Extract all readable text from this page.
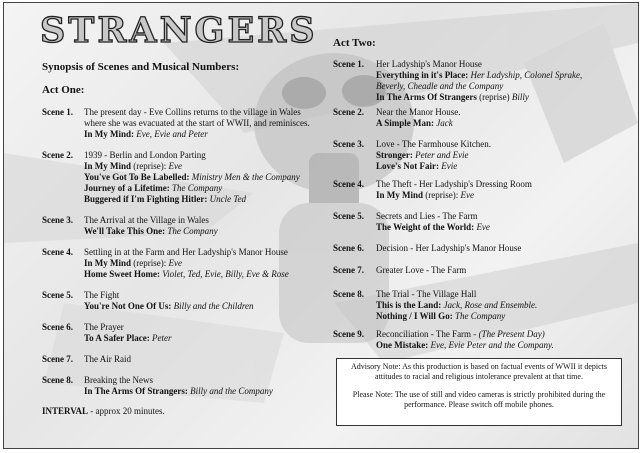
STRANGERS
Synopsis of Scenes and Musical Numbers:
Act One:
Scene 1. The present day - Eve Collins returns to the village in Wales
where she was evacuated at the start of WWII, and reminisces.
In My Mind: Eve, Evie and Peter
Scene 2. 1939 - Berlin and London Parting
In My Mind (reprise): Eve
You've Got To Be Labelled: Ministry Men & the Company
Journey of a Lifetime: The Company
Buggered if I'm Fighting Hitler: Uncle Ted
Scene 3. The Arrival at the Village in Wales
We'll Take This One: The Company
Scene 4. Settling in at the Farm and Her Ladyship's Manor House
In My Mind (reprise): Eve
Home Sweet Home: Violet, Ted, Evie, Billy, Eve & Rose
Scene 5. The Fight
You're Not One Of Us: Billy and the Children
Scene 6. The Prayer
To A Safer Place: Peter
Scene 7. The Air Raid
Scene 8. Breaking the News
In The Arms Of Strangers: Billy and the Company
INTERVAL - approx 20 minutes.
Act Two:
Scene 1. Her Ladyship's Manor House
Everything in it's Place: Her Ladyship, Colonel Sprake,
Beverly, Cheadle and the Company
In The Arms Of Strangers (reprise) Billy
Scene 2. Near the Manor House.
A Simple Man: Jack
Scene 3. Love - The Farmhouse Kitchen.
Stronger: Peter and Evie
Love's Not Fair: Evie
Scene 4. The Theft - Her Ladyship's Dressing Room
In My Mind (reprise): Eve
Scene 5. Secrets and Lies - The Farm
The Weight of the World: Eve
Scene 6. Decision - Her Ladyship's Manor House
Scene 7. Greater Love - The Farm
Scene 8. The Trial - The Village Hall
This is the Land: Jack, Rose and Ensemble.
Nothing / I Will Go: The Company
Scene 9. Reconciliation - The Farm - (The Present Day)
One Mistake: Eve, Evie Peter and the Company.

Advisory Note: As this production is based on factual events of WWII it depicts attitudes to racial and religious intolerance prevalent at that time.

Please Note: The use of still and video cameras is strictly prohibited during the performance. Please switch off mobile phones.
